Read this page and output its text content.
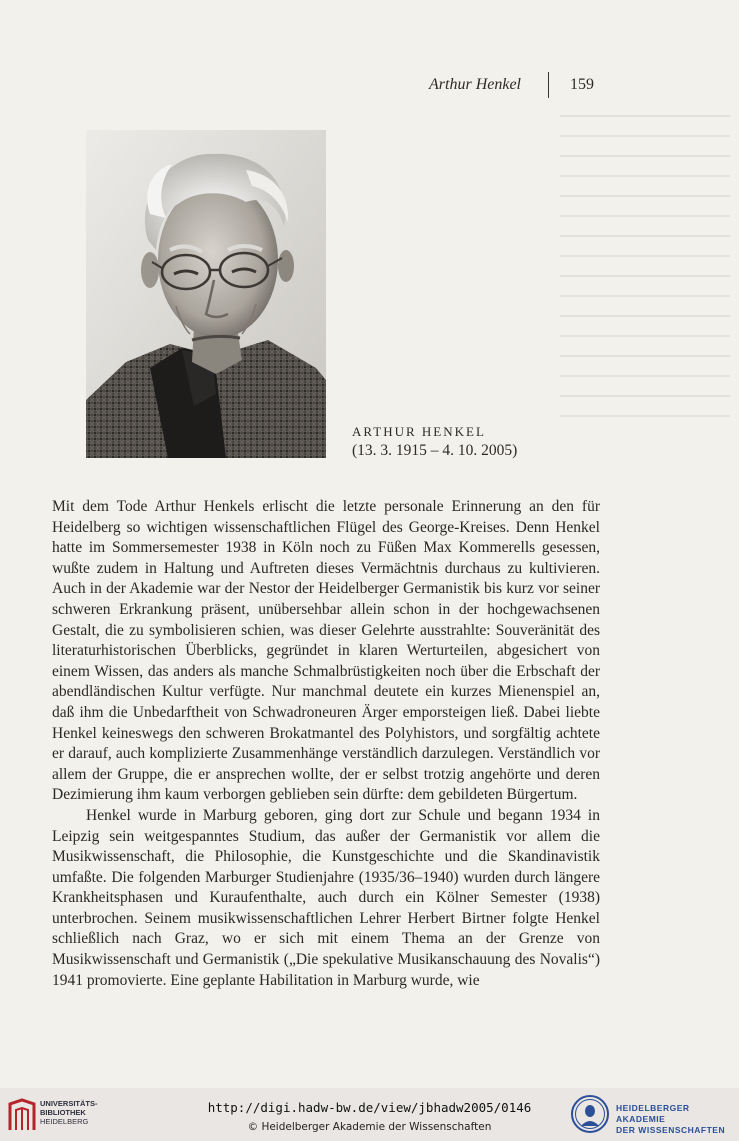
Arthur Henkel	159
ARTHUR HENKEL
(13. 3. 1915 – 4. 10. 2005)

Mit dem Tode Arthur Henkels erlischt die letzte personale Erinnerung an den für Heidelberg so wichtigen wissenschaftlichen Flügel des George-Kreises. Denn Henkel hatte im Sommersemester 1938 in Köln noch zu Füßen Max Kommerells gesessen, wußte zudem in Haltung und Auftreten dieses Vermächtnis durchaus zu kultivieren. Auch in der Akademie war der Nestor der Heidelberger Germanistik bis kurz vor seiner schweren Erkrankung präsent, unübersehbar allein schon in der hochgewachsenen Gestalt, die zu symbolisieren schien, was dieser Gelehrte ausstrahlte: Souveränität des literaturhistorischen Überblicks, gegründet in klaren Werturteilen, abgesichert von einem Wissen, das anders als manche Schmalbrüstigkeiten noch über die Erbschaft der abendländischen Kultur verfügte. Nur manchmal deutete ein kurzes Mienenspiel an, daß ihm die Unbedarftheit von Schwadroneuren Ärger emporsteigen ließ. Dabei liebte Henkel keineswegs den schweren Brokatmantel des Polyhistors, und sorgfältig achtete er darauf, auch komplizierte Zusammenhänge verständlich darzulegen. Verständlich vor allem der Gruppe, die er ansprechen wollte, der er selbst trotzig angehörte und deren Dezimierung ihm kaum verborgen geblieben sein dürfte: dem gebildeten Bürgertum.

Henkel wurde in Marburg geboren, ging dort zur Schule und begann 1934 in Leipzig sein weitgespanntes Studium, das außer der Germanistik vor allem die Musikwissenschaft, die Philosophie, die Kunstgeschichte und die Skandinavistik umfaßte. Die folgenden Marburger Studienjahre (1935/36–1940) wurden durch längere Krankheitsphasen und Kuraufenthalte, auch durch ein Kölner Semester (1938) unterbrochen. Seinem musikwissenschaftlichen Lehrer Herbert Birtner folgte Henkel schließlich nach Graz, wo er sich mit einem Thema an der Grenze von Musikwissenschaft und Germanistik („Die spekulative Musikanschauung des Novalis“) 1941 promovierte. Eine geplante Habilitation in Marburg wurde, wie

UNIVERSITÄTS-
BIBLIOTHEK
HEIDELBERG
http://digi.hadw-bw.de/view/jbhadw2005/0146
© Heidelberger Akademie der Wissenschaften
HEIDELBERGER AKADEMIE
DER WISSENSCHAFTEN
